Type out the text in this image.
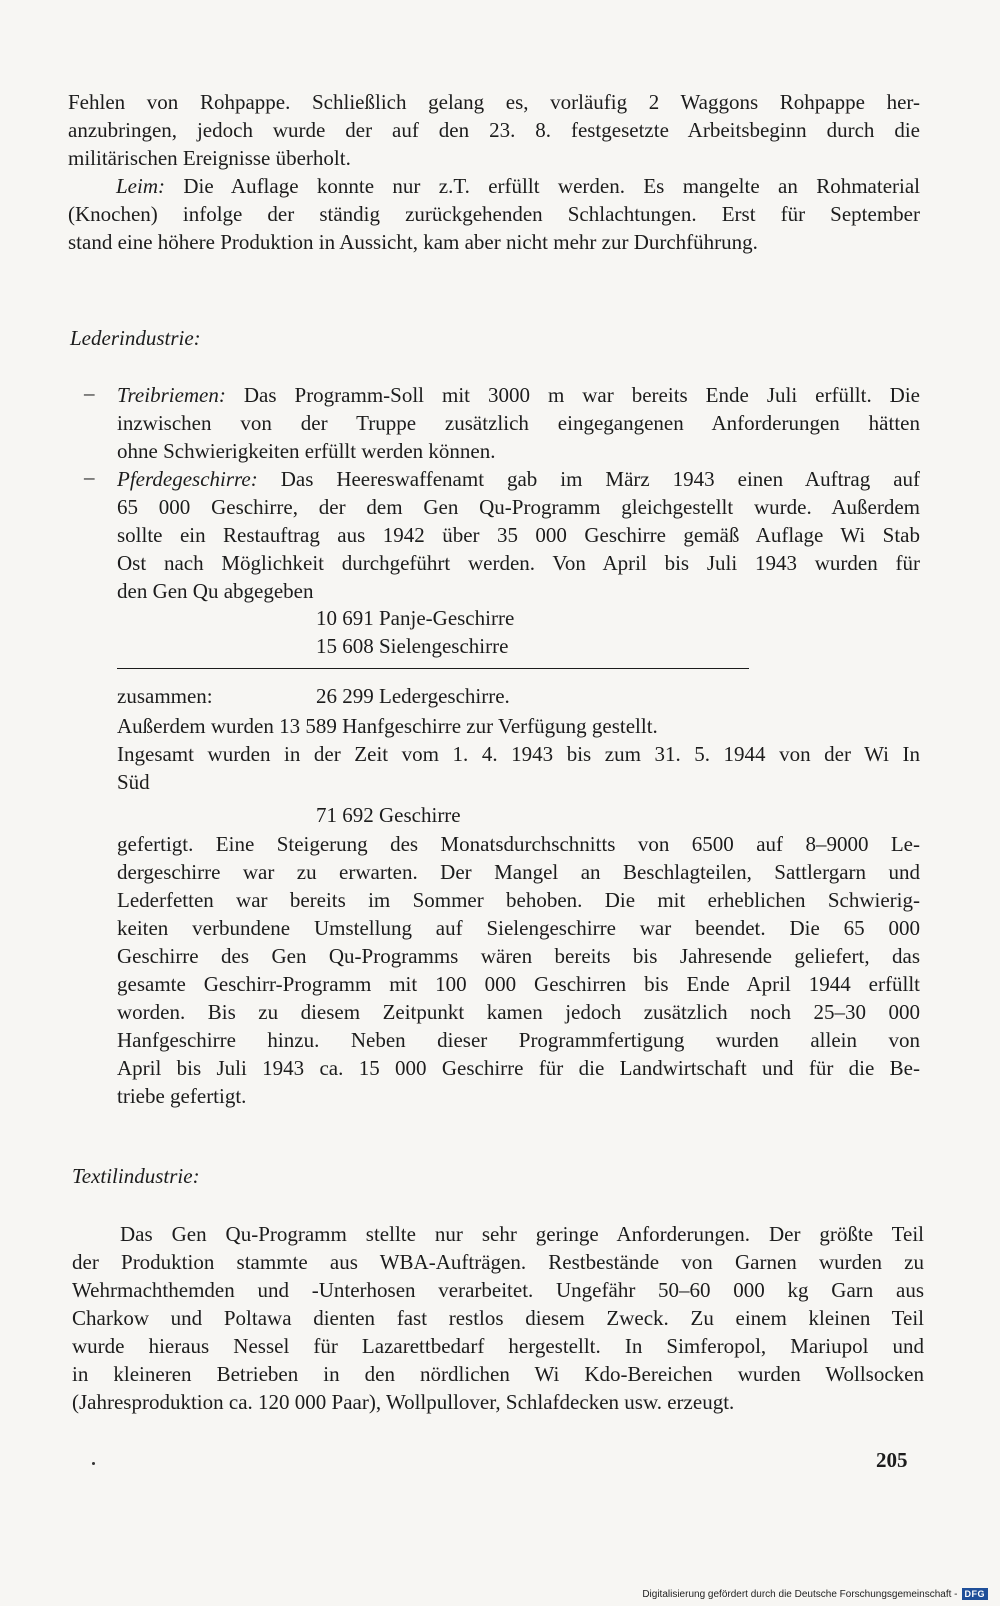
Fehlen von Rohpappe. Schließlich gelang es, vorläufig 2 Waggons Rohpappe her-
anzubringen, jedoch wurde der auf den 23. 8. festgesetzte Arbeitsbeginn durch die
militärischen Ereignisse überholt.
Leim: Die Auflage konnte nur z.T. erfüllt werden. Es mangelte an Rohmaterial
(Knochen) infolge der ständig zurückgehenden Schlachtungen. Erst für September
stand eine höhere Produktion in Aussicht, kam aber nicht mehr zur Durchführung.
Lederindustrie:
– Treibriemen: Das Programm-Soll mit 3000 m war bereits Ende Juli erfüllt. Die
inzwischen von der Truppe zusätzlich eingegangenen Anforderungen hätten
ohne Schwierigkeiten erfüllt werden können.
– Pferdegeschirre: Das Heereswaffenamt gab im März 1943 einen Auftrag auf
65 000 Geschirre, der dem Gen Qu-Programm gleichgestellt wurde. Außerdem
sollte ein Restauftrag aus 1942 über 35 000 Geschirre gemäß Auflage Wi Stab
Ost nach Möglichkeit durchgeführt werden. Von April bis Juli 1943 wurden für
den Gen Qu abgegeben
10 691 Panje-Geschirre
15 608 Sielengeschirre
zusammen:	26 299 Ledergeschirre.
Außerdem wurden 13 589 Hanfgeschirre zur Verfügung gestellt.
Ingesamt wurden in der Zeit vom 1. 4. 1943 bis zum 31. 5. 1944 von der Wi In
Süd
71 692 Geschirre
gefertigt. Eine Steigerung des Monatsdurchschnitts von 6500 auf 8–9000 Le-
dergeschirre war zu erwarten. Der Mangel an Beschlagteilen, Sattlergarn und
Lederfetten war bereits im Sommer behoben. Die mit erheblichen Schwierig-
keiten verbundene Umstellung auf Sielengeschirre war beendet. Die 65 000
Geschirre des Gen Qu-Programms wären bereits bis Jahresende geliefert, das
gesamte Geschirr-Programm mit 100 000 Geschirren bis Ende April 1944 erfüllt
worden. Bis zu diesem Zeitpunkt kamen jedoch zusätzlich noch 25–30 000
Hanfgeschirre hinzu. Neben dieser Programmfertigung wurden allein von
April bis Juli 1943 ca. 15 000 Geschirre für die Landwirtschaft und für die Be-
triebe gefertigt.
Textilindustrie:
Das Gen Qu-Programm stellte nur sehr geringe Anforderungen. Der größte Teil
der Produktion stammte aus WBA-Aufträgen. Restbestände von Garnen wurden zu
Wehrmachthemden und -Unterhosen verarbeitet. Ungefähr 50–60 000 kg Garn aus
Charkow und Poltawa dienten fast restlos diesem Zweck. Zu einem kleinen Teil
wurde hieraus Nessel für Lazarettbedarf hergestellt. In Simferopol, Mariupol und
in kleineren Betrieben in den nördlichen Wi Kdo-Bereichen wurden Wollsocken
(Jahresproduktion ca. 120 000 Paar), Wollpullover, Schlafdecken usw. erzeugt.
205
Digitalisierung gefördert durch die Deutsche Forschungsgemeinschaft - DFG
